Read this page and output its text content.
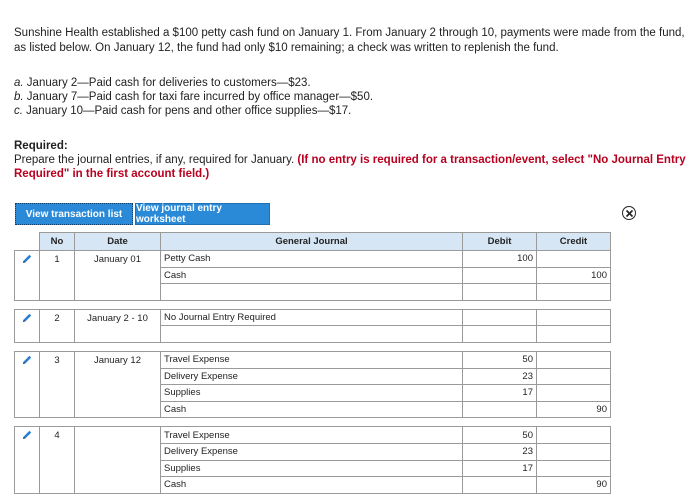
Sunshine Health established a $100 petty cash fund on January 1. From January 2 through 10, payments were made from the fund, as listed below. On January 12, the fund had only $10 remaining; a check was written to replenish the fund.
a. January 2—Paid cash for deliveries to customers—$23.
b. January 7—Paid cash for taxi fare incurred by office manager—$50.
c. January 10—Paid cash for pens and other office supplies—$17.
Required:
Prepare the journal entries, if any, required for January. (If no entry is required for a transaction/event, select "No Journal Entry Required" in the first account field.)
View transaction list	View journal entry worksheet
	No	Date	General Journal	Debit	Credit
	1	January 01	Petty Cash	100	
			Cash		100

	2	January 2 - 10	No Journal Entry Required		

	3	January 12	Travel Expense	50	
			Delivery Expense	23	
			Supplies	17	
			Cash		90

	4		Travel Expense	50	
			Delivery Expense	23	
			Supplies	17	
			Cash		90
